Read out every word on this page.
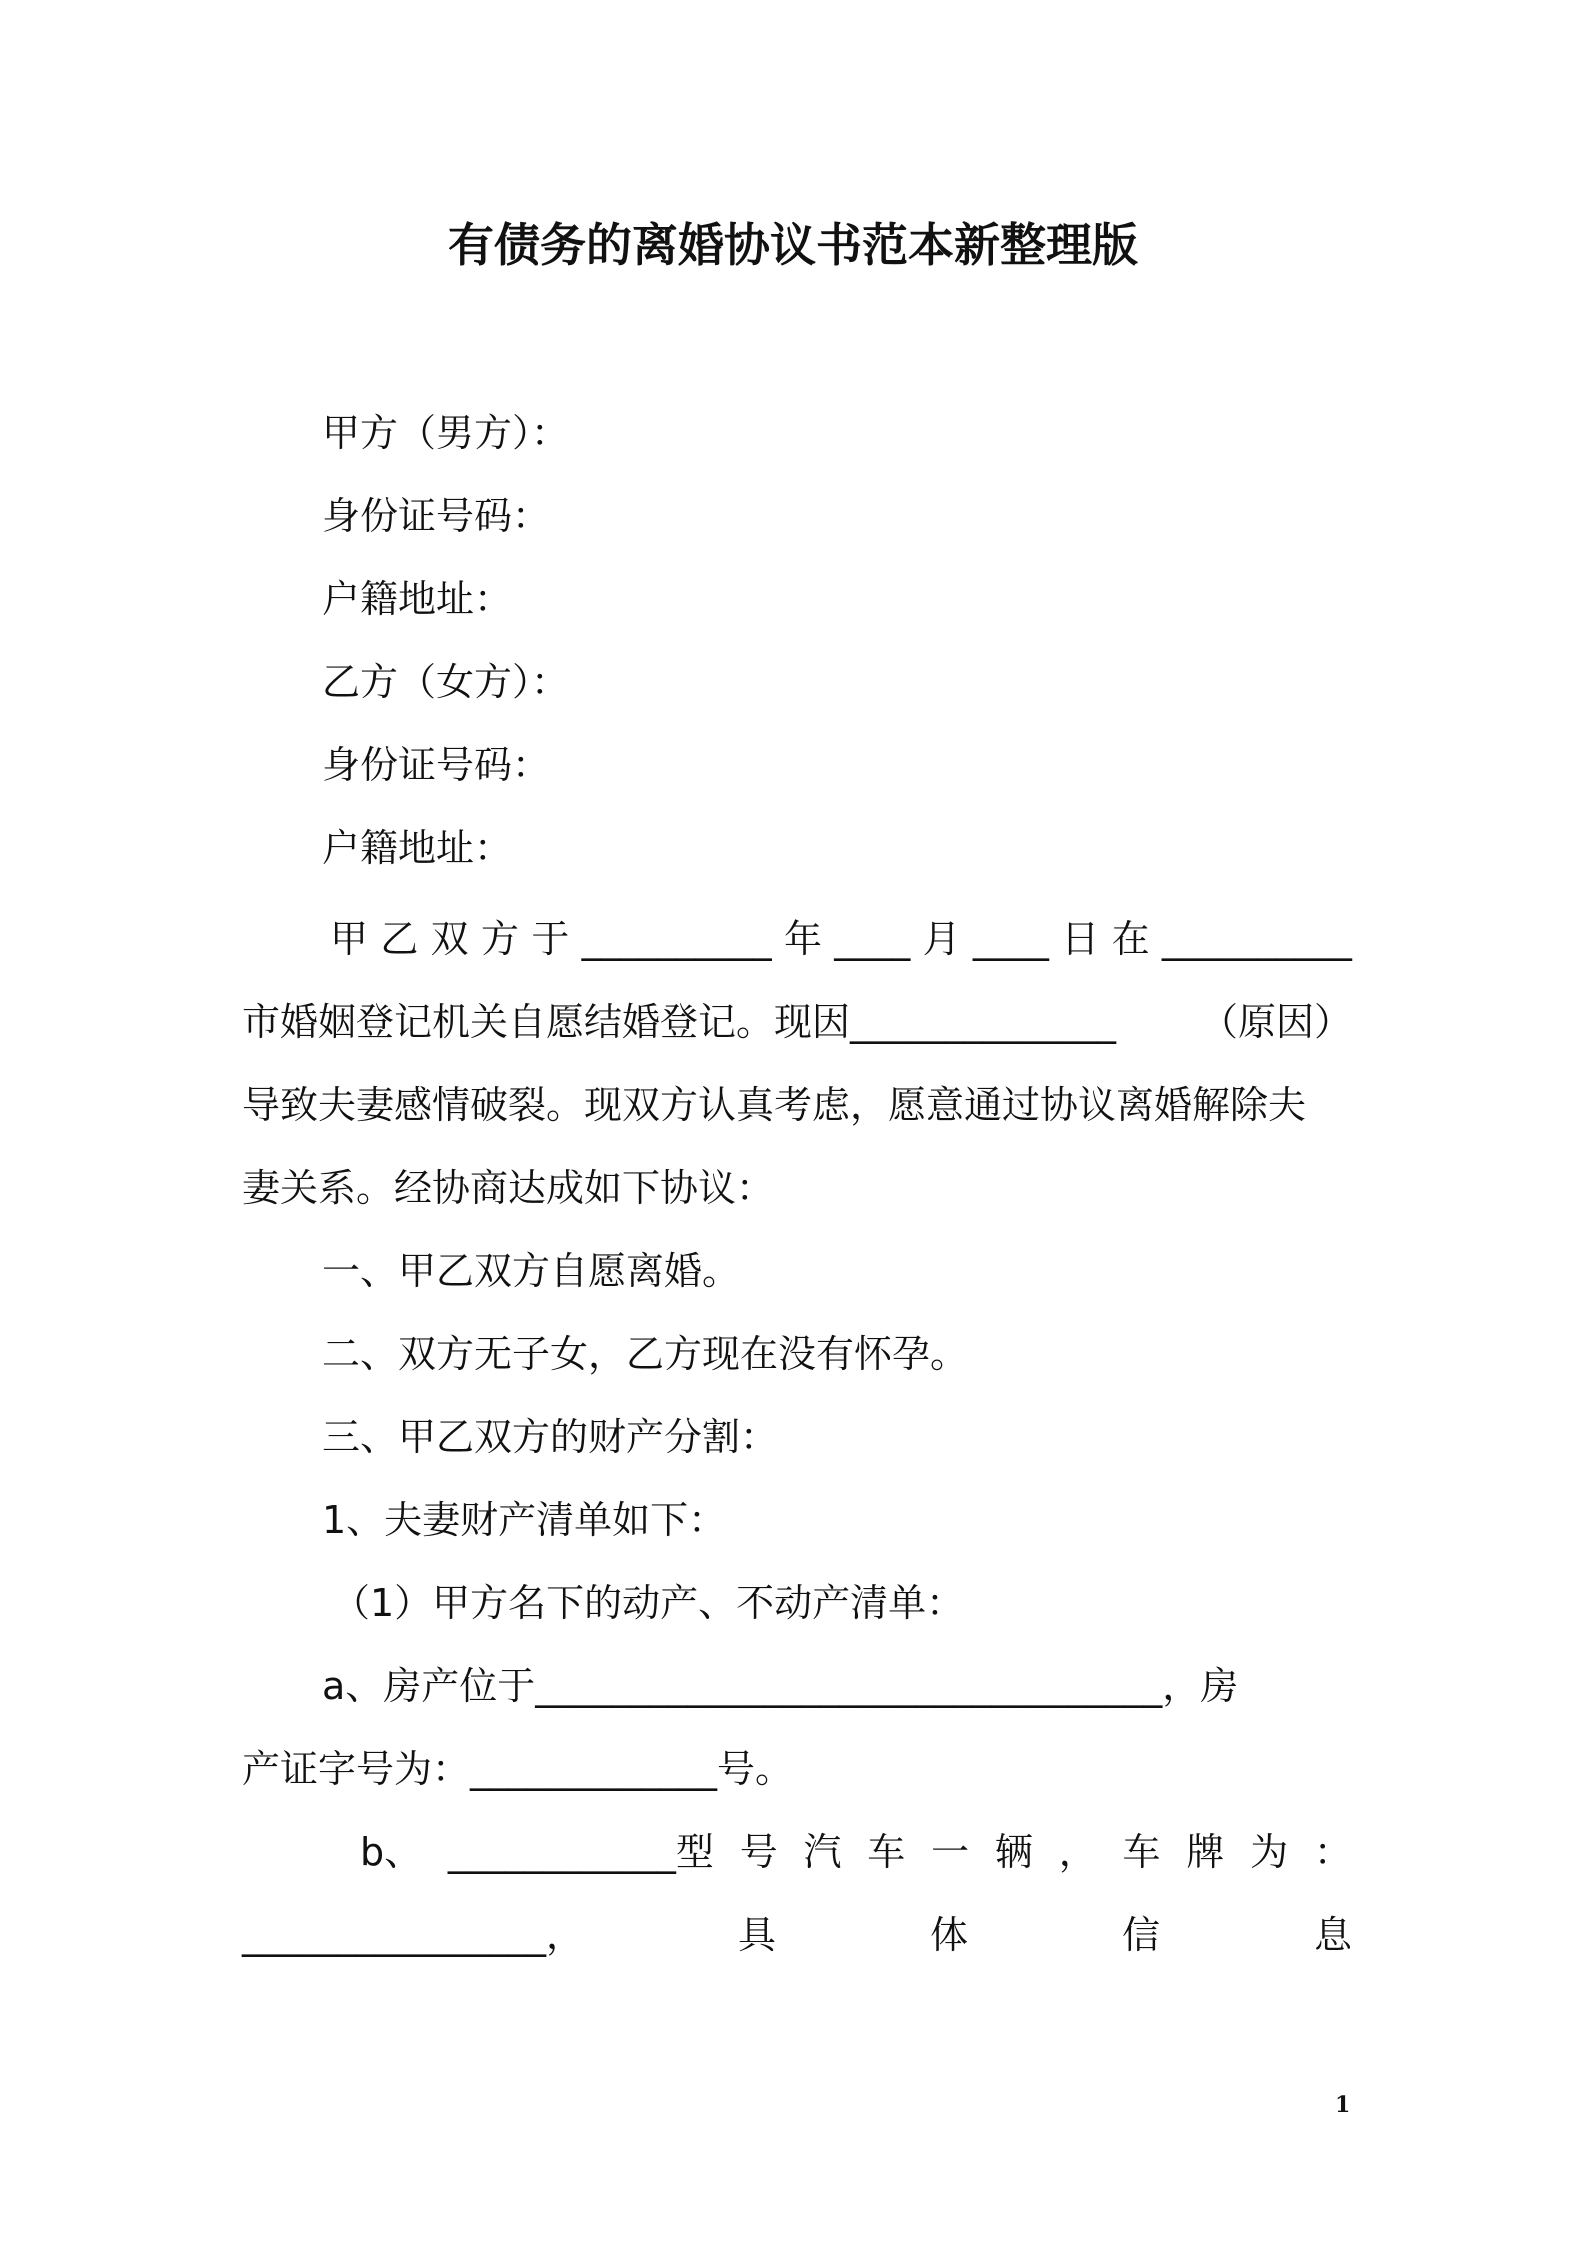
有债务的离婚协议书范本新整理版

甲方（男方）：

身份证号码：

户籍地址：

乙方（女方）：

身份证号码：

户籍地址：

甲 乙 双 方 于 __________ 年 ____ 月 ____ 日 在 __________
市婚姻登记机关自愿结婚登记。现因______________ （原因）

导致夫妻感情破裂。现双方认真考虑，愿意通过协议离婚解除夫

妻关系。经协商达成如下协议：

一、甲乙双方自愿离婚。

二、双方无子女，乙方现在没有怀孕。

三、甲乙双方的财产分割：

1、夫妻财产清单如下：

（1）甲方名下的动产、不动产清单：

a、房产位于_________________________________，房

产证字号为：_____________号。

b、 ____________型 号 汽 车 一 辆 ， 车 牌 为 ：
________________，	具	体	信	息

1
